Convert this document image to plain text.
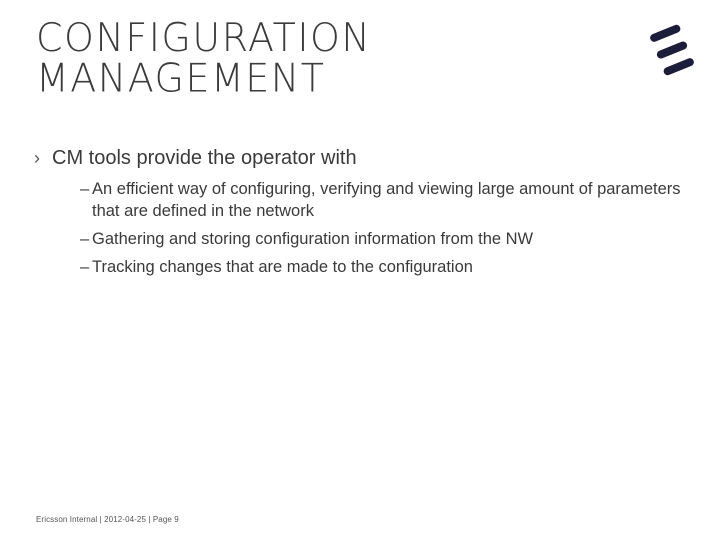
CONFIGURATION
MANAGEMENT
› CM tools provide the operator with
– An efficient way of configuring, verifying and viewing large amount of parameters that are defined in the network
– Gathering and storing configuration information from the NW
– Tracking changes that are made to the configuration
Ericsson Internal | 2012-04-25 | Page 9
